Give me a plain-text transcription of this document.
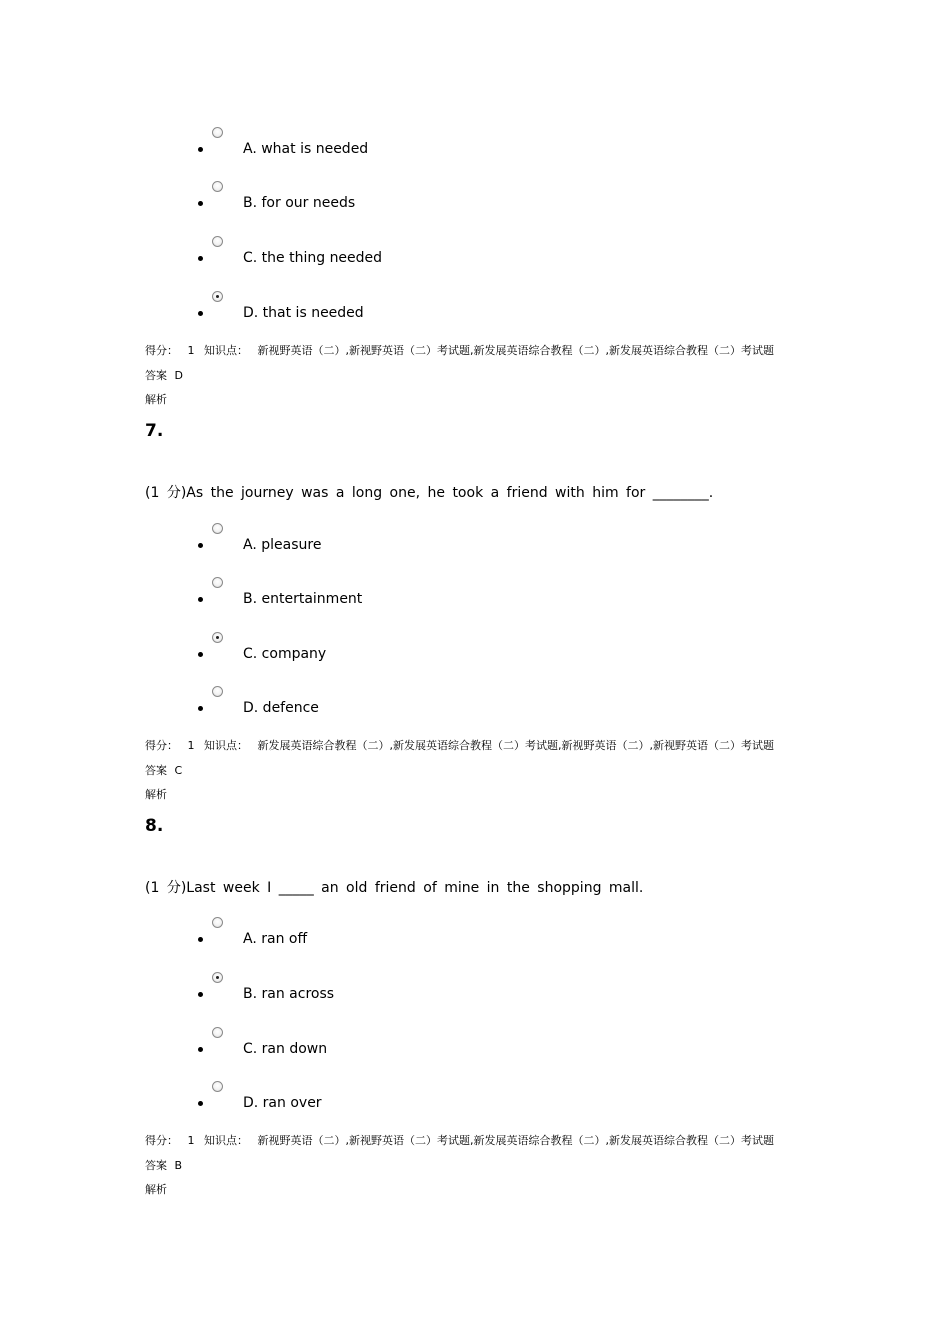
A. what is needed
B. for our needs
C. the thing needed
D. that is needed
得分： 1 知识点： 新视野英语（二）,新视野英语（二）考试题,新发展英语综合教程（二）,新发展英语综合教程（二）考试题
答案 D
解析
7.
(1 分)As the journey was a long one, he took a friend with him for ________.
A. pleasure
B. entertainment
C. company
D. defence
得分： 1 知识点： 新发展英语综合教程（二）,新发展英语综合教程（二）考试题,新视野英语（二）,新视野英语（二）考试题
答案 C
解析
8.
(1 分)Last week I _____ an old friend of mine in the shopping mall.
A. ran off
B. ran across
C. ran down
D. ran over
得分： 1 知识点： 新视野英语（二）,新视野英语（二）考试题,新发展英语综合教程（二）,新发展英语综合教程（二）考试题
答案 B
解析
